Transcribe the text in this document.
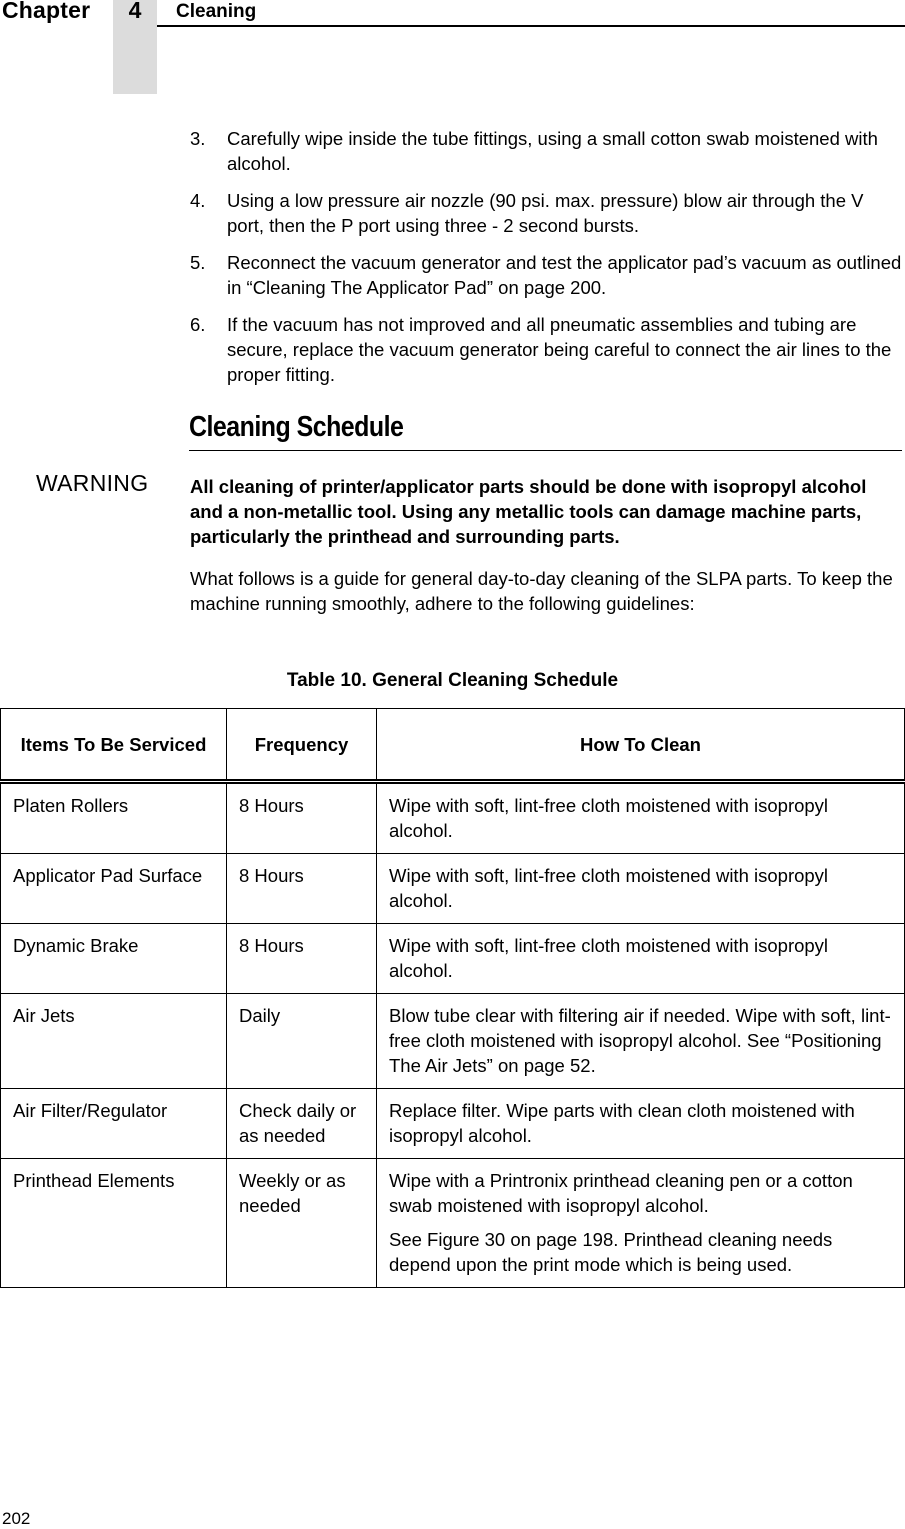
Chapter	4	Cleaning
3.	Carefully wipe inside the tube fittings, using a small cotton swab moistened with alcohol.
4.	Using a low pressure air nozzle (90 psi. max. pressure) blow air through the V port, then the P port using three - 2 second bursts.
5.	Reconnect the vacuum generator and test the applicator pad’s vacuum as outlined in “Cleaning The Applicator Pad” on page 200.
6.	If the vacuum has not improved and all pneumatic assemblies and tubing are secure, replace the vacuum generator being careful to connect the air lines to the proper fitting.
Cleaning Schedule
WARNING All cleaning of printer/applicator parts should be done with isopropyl alcohol and a non-metallic tool. Using any metallic tools can damage machine parts, particularly the printhead and surrounding parts.
What follows is a guide for general day-to-day cleaning of the SLPA parts. To keep the machine running smoothly, adhere to the following guidelines:
Table 10. General Cleaning Schedule
Items To Be Serviced	Frequency	How To Clean
Platen Rollers	8 Hours	Wipe with soft, lint-free cloth moistened with isopropyl alcohol.

Applicator Pad Surface	8 Hours	Wipe with soft, lint-free cloth moistened with isopropyl alcohol.

Dynamic Brake	8 Hours	Wipe with soft, lint-free cloth moistened with isopropyl alcohol.

Air Jets	Daily	Blow tube clear with filtering air if needed. Wipe with soft, lint-free cloth moistened with isopropyl alcohol. See “Positioning The Air Jets” on page 52.

Air Filter/Regulator	Check daily or as needed	Replace filter. Wipe parts with clean cloth moistened with isopropyl alcohol.

Printhead Elements	Weekly or as needed	Wipe with a Printronix printhead cleaning pen or a cotton swab moistened with isopropyl alcohol.

See Figure 30 on page 198. Printhead cleaning needs depend upon the print mode which is being used.

202
